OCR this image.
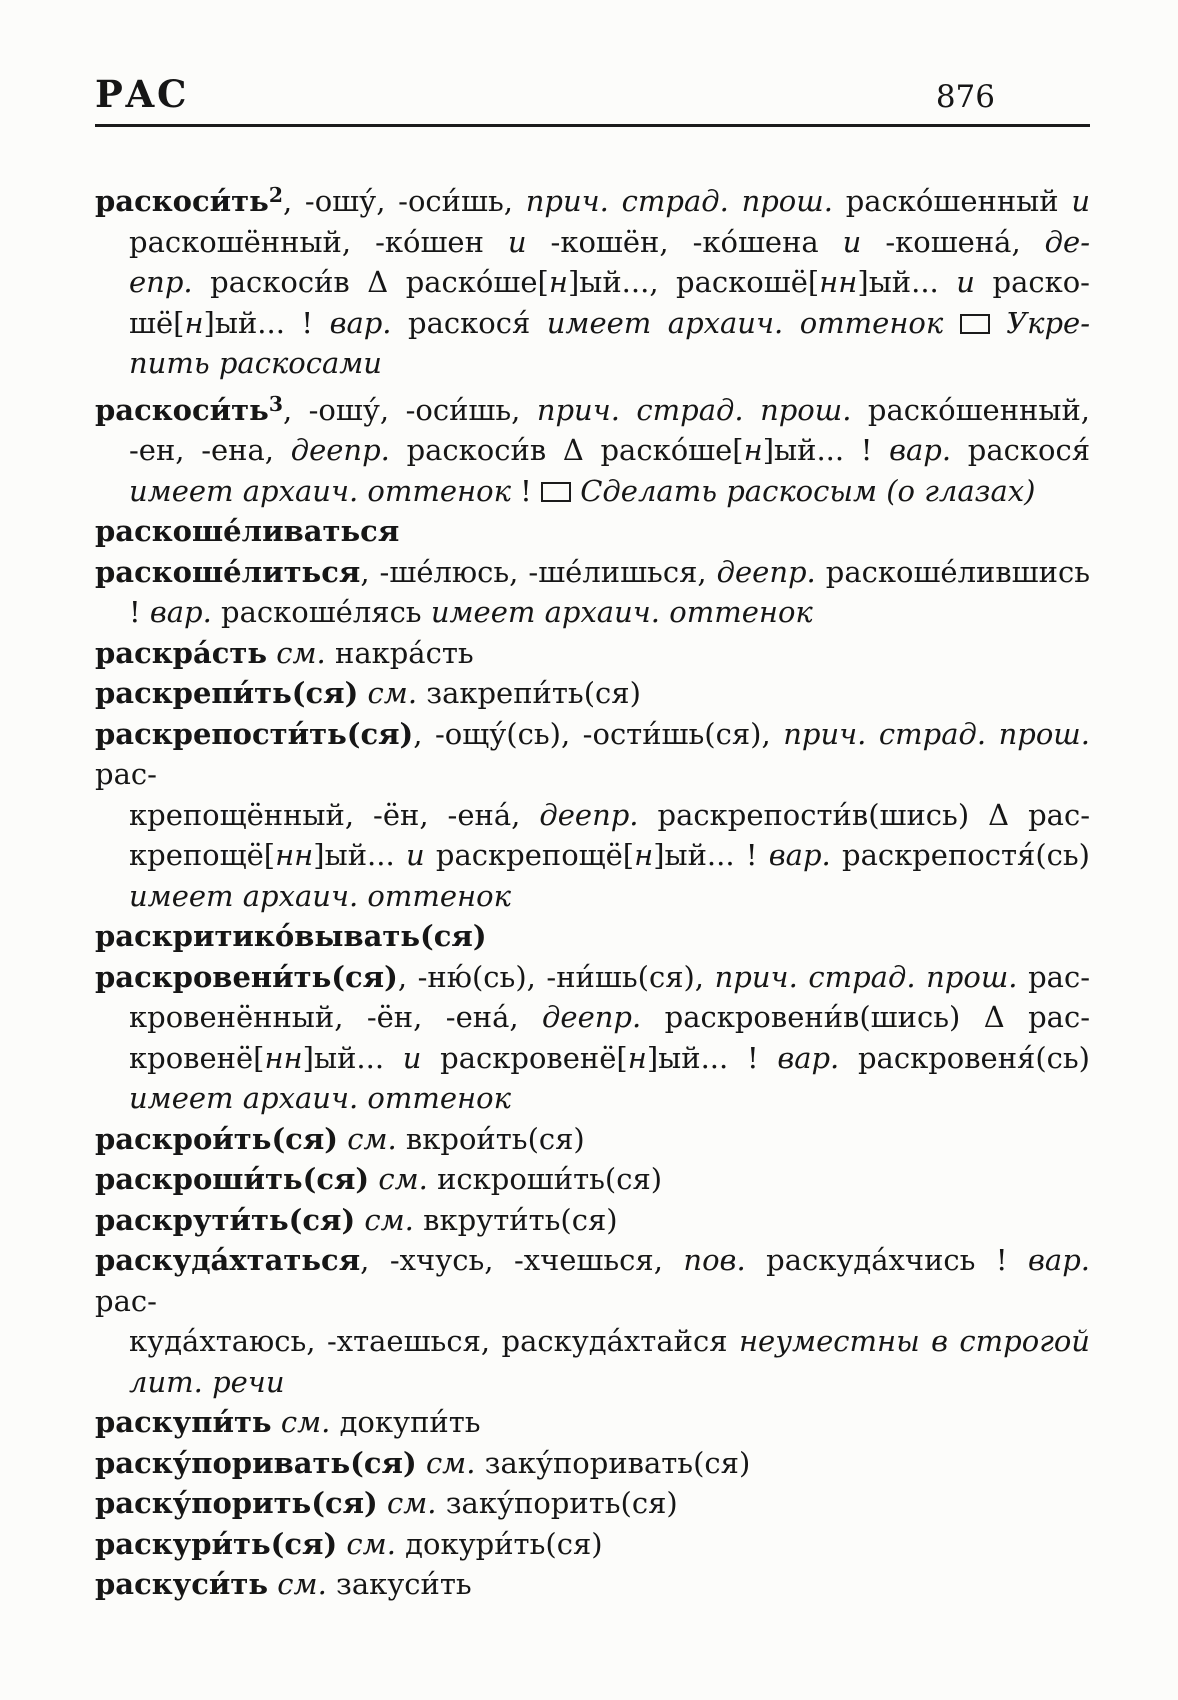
РАС	876
$раскоси́ть^2$, -ошу́, -оси́шь, прич. страд. прош. раско́шенный и
раскошённый, -ко́шен и -кошён, -ко́шена и -кошена́, де-
епр. раскоси́в Δ раско́ше[н]ый..., раскошё[нн]ый... и раско-
шё[н]ый... ! вар. раскося́ имеет архаич. оттенок Укре-
пить раскосами
$раскоси́ть^3$, -ошу́, -оси́шь, прич. страд. прош. раско́шенный,
-ен, -ена, деепр. раскоси́в Δ раско́ше[н]ый... ! вар. раскося́
имеет архаич. оттенок !  Сделать раскосым (о глазах)
раскоше́ливаться
раскоше́литься, -ше́люсь, -ше́лишься, деепр. раскоше́лившись
! вар. раскоше́лясь имеет архаич. оттенок
раскра́сть см. накра́сть
раскрепи́ть(ся) см. закрепи́ть(ся)
раскрепости́ть(ся), -ощу́(сь), -ости́шь(ся), прич. страд. прош. рас-
крепощённый, -ён, -ена́, деепр. раскрепости́в(шись) Δ рас-
крепощё[нн]ый... и раскрепощё[н]ый... ! вар. раскрепостя́(сь)
имеет архаич. оттенок
раскритико́вывать(ся)
раскровени́ть(ся), -ню́(сь), -ни́шь(ся), прич. страд. прош. рас-
кровенённый, -ён, -ена́, деепр. раскровени́в(шись) Δ рас-
кровенё[нн]ый... и раскровенё[н]ый... ! вар. раскровеня́(сь)
имеет архаич. оттенок
раскрои́ть(ся) см. вкрои́ть(ся)
раскроши́ть(ся) см. искроши́ть(ся)
раскрути́ть(ся) см. вкрути́ть(ся)
раскуда́хтаться, -хчусь, -хчешься, пов. раскуда́хчись ! вар. рас-
куда́хтаюсь, -хтаешься, раскуда́хтайся неуместны в строгой
лит. речи
раскупи́ть см. докупи́ть
раску́поривать(ся) см. заку́поривать(ся)
раску́порить(ся) см. заку́порить(ся)
раскури́ть(ся) см. докури́ть(ся)
раскуси́ть см. закуси́ть
